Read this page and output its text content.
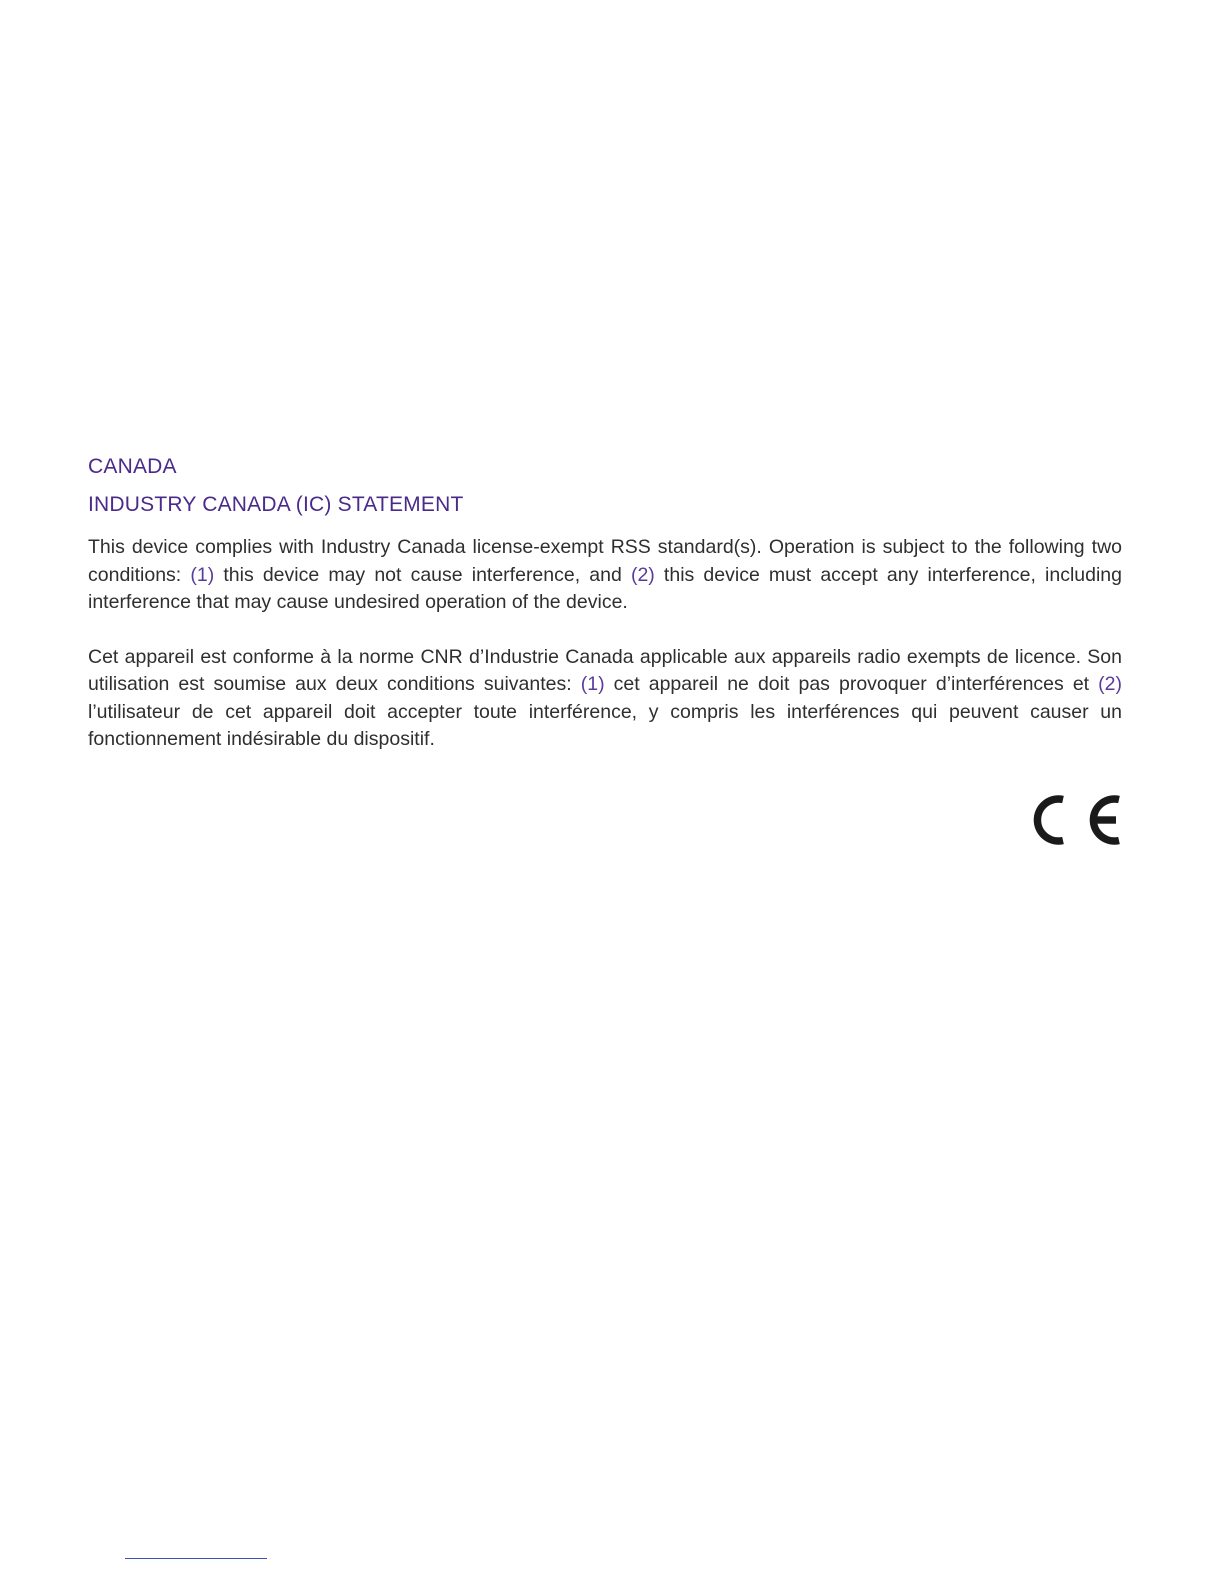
CANADA
INDUSTRY CANADA (IC) STATEMENT

This device complies with Industry Canada license-exempt RSS standard(s). Operation is subject to the following two conditions: (1) this device may not cause interference, and (2) this device must accept any interference, including interference that may cause undesired operation of the device.

Cet appareil est conforme à la norme CNR d’Industrie Canada applicable aux appareils radio exempts de licence. Son utilisation est soumise aux deux conditions suivantes: (1) cet appareil ne doit pas provoquer d’interférences et (2) l’utilisateur de cet appareil doit accepter toute interférence, y compris les interférences qui peuvent causer un fonctionnement indésirable du dispositif.
